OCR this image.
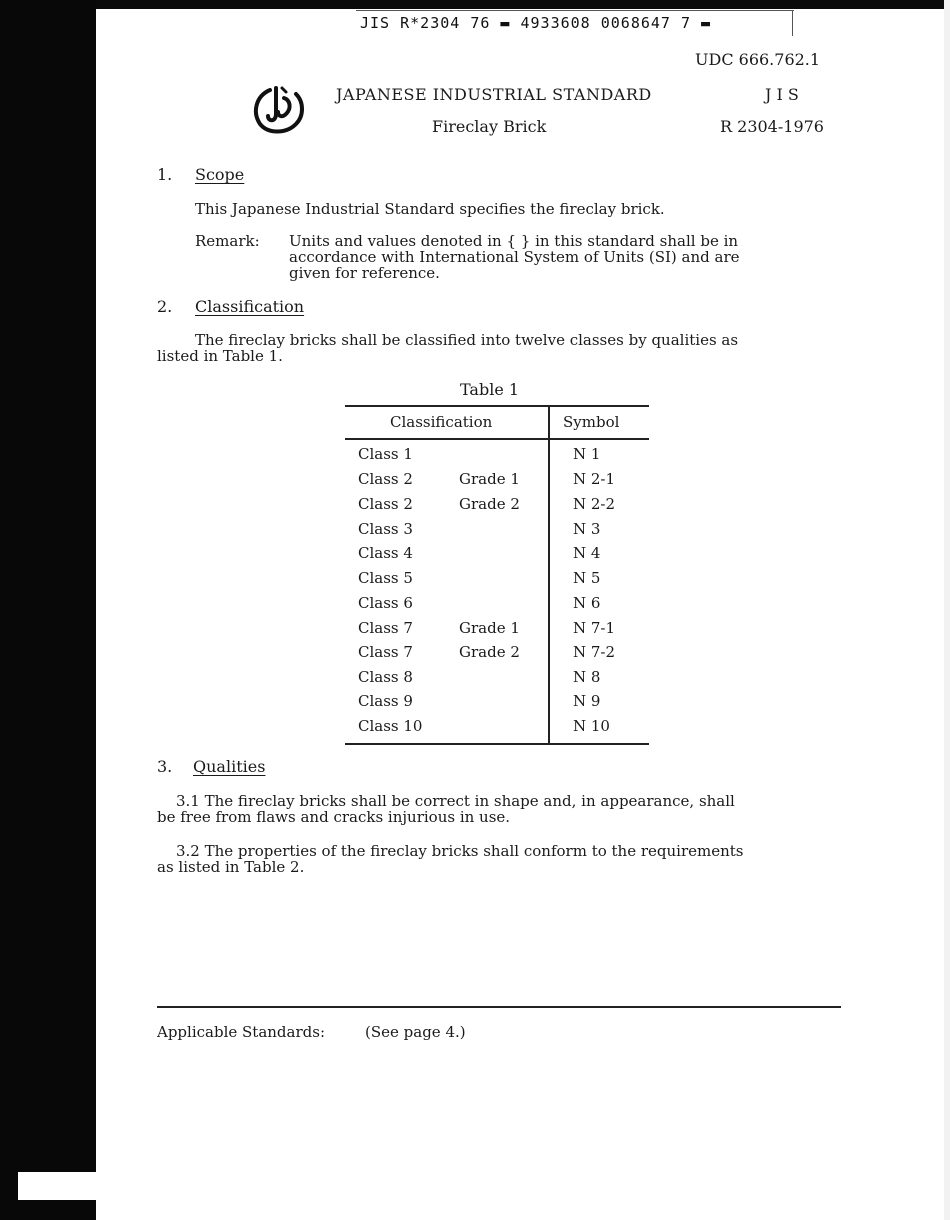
JIS R*2304 76 ▬ 4933608 0068647 7 ▬
UDC 666.762.1
JAPANESE INDUSTRIAL STANDARD	J I S
Fireclay Brick	R 2304-1976
1. Scope
This Japanese Industrial Standard specifies the fireclay brick.
Remark: Units and values denoted in { } in this standard shall be in
accordance with International System of Units (SI) and are
given for reference.
2. Classification
The fireclay bricks shall be classified into twelve classes by qualities as
listed in Table 1.
Table 1
Classification	Symbol
Class 1	N 1
Class 2	Grade 1	N 2-1
Class 2	Grade 2	N 2-2
Class 3	N 3
Class 4	N 4
Class 5	N 5
Class 6	N 6
Class 7	Grade 1	N 7-1
Class 7	Grade 2	N 7-2
Class 8	N 8
Class 9	N 9
Class 10	N 10
3. Qualities
3.1 The fireclay bricks shall be correct in shape and, in appearance, shall
be free from flaws and cracks injurious in use.
3.2 The properties of the fireclay bricks shall conform to the requirements
as listed in Table 2.
Applicable Standards:	(See page 4.)
